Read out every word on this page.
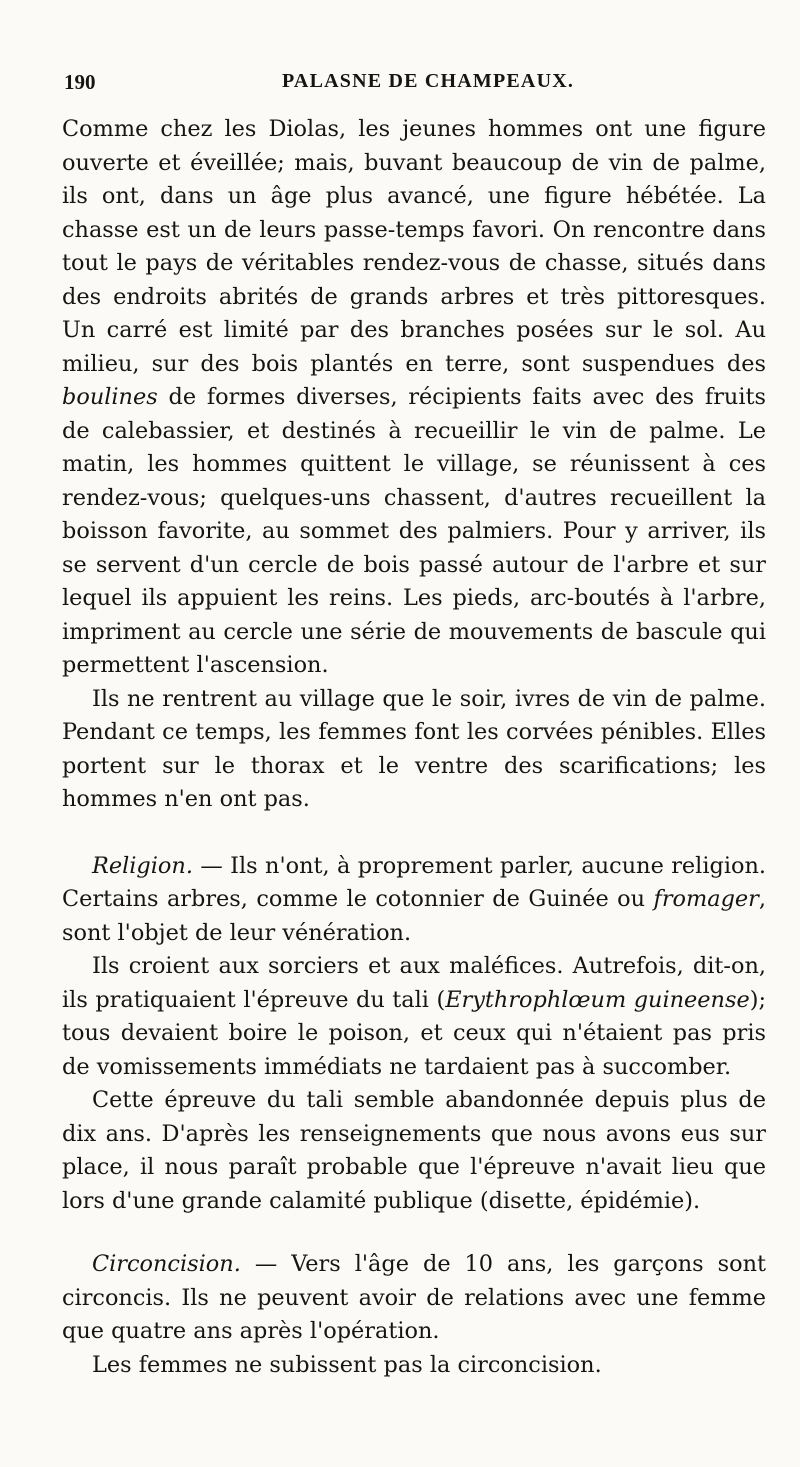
190	PALASNE DE CHAMPEAUX.

Comme chez les Diolas, les jeunes hommes ont une figure ouverte et éveillée; mais, buvant beaucoup de vin de palme, ils ont, dans un âge plus avancé, une figure hébétée. La chasse est un de leurs passe-temps favori. On rencontre dans tout le pays de véritables rendez-vous de chasse, situés dans des endroits abrités de grands arbres et très pittoresques. Un carré est limité par des branches posées sur le sol. Au milieu, sur des bois plantés en terre, sont suspendues des boulines de formes diverses, récipients faits avec des fruits de calebassier, et destinés à recueillir le vin de palme. Le matin, les hommes quittent le village, se réunissent à ces rendez-vous; quelques-uns chassent, d'autres recueillent la boisson favorite, au sommet des palmiers. Pour y arriver, ils se servent d'un cercle de bois passé autour de l'arbre et sur lequel ils appuient les reins. Les pieds, arc-boutés à l'arbre, impriment au cercle une série de mouvements de bascule qui permettent l'ascension.

Ils ne rentrent au village que le soir, ivres de vin de palme. Pendant ce temps, les femmes font les corvées pénibles. Elles portent sur le thorax et le ventre des scarifications; les hommes n'en ont pas.

Religion. — Ils n'ont, à proprement parler, aucune religion. Certains arbres, comme le cotonnier de Guinée ou fromager, sont l'objet de leur vénération.

Ils croient aux sorciers et aux maléfices. Autrefois, dit-on, ils pratiquaient l'épreuve du tali (Erythrophlœum guineense); tous devaient boire le poison, et ceux qui n'étaient pas pris de vomissements immédiats ne tardaient pas à succomber.

Cette épreuve du tali semble abandonnée depuis plus de dix ans. D'après les renseignements que nous avons eus sur place, il nous paraît probable que l'épreuve n'avait lieu que lors d'une grande calamité publique (disette, épidémie).

Circoncision. — Vers l'âge de 10 ans, les garçons sont circoncis. Ils ne peuvent avoir de relations avec une femme que quatre ans après l'opération.

Les femmes ne subissent pas la circoncision.
